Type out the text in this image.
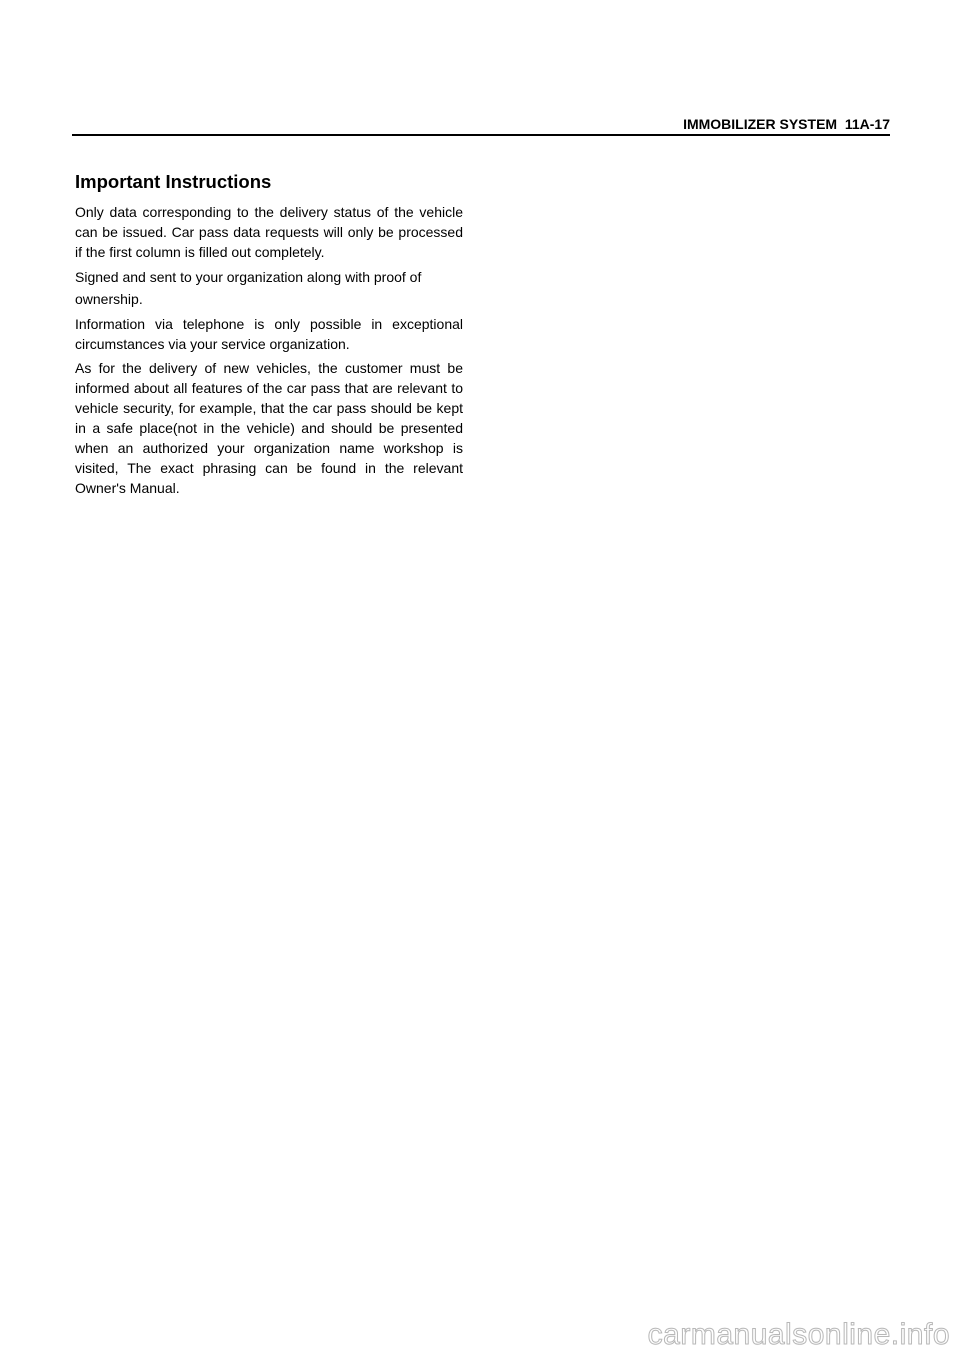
IMMOBILIZER SYSTEM  11A-17
Important Instructions

Only data corresponding to the delivery status of the vehicle can be issued. Car pass data requests will only be processed if the first column is filled out completely.

Signed and sent to your organization along with proof of ownership.

Information via telephone is only possible in exceptional circumstances via your service organization.

As for the delivery of new vehicles, the customer must be informed about all features of the car pass that are relevant to vehicle security, for example, that the car pass should be kept in a safe place(not in the vehicle) and should be presented when an authorized your organization name workshop is visited, The exact phrasing can be found in the relevant Owner's Manual.

carmanualsonline.info
